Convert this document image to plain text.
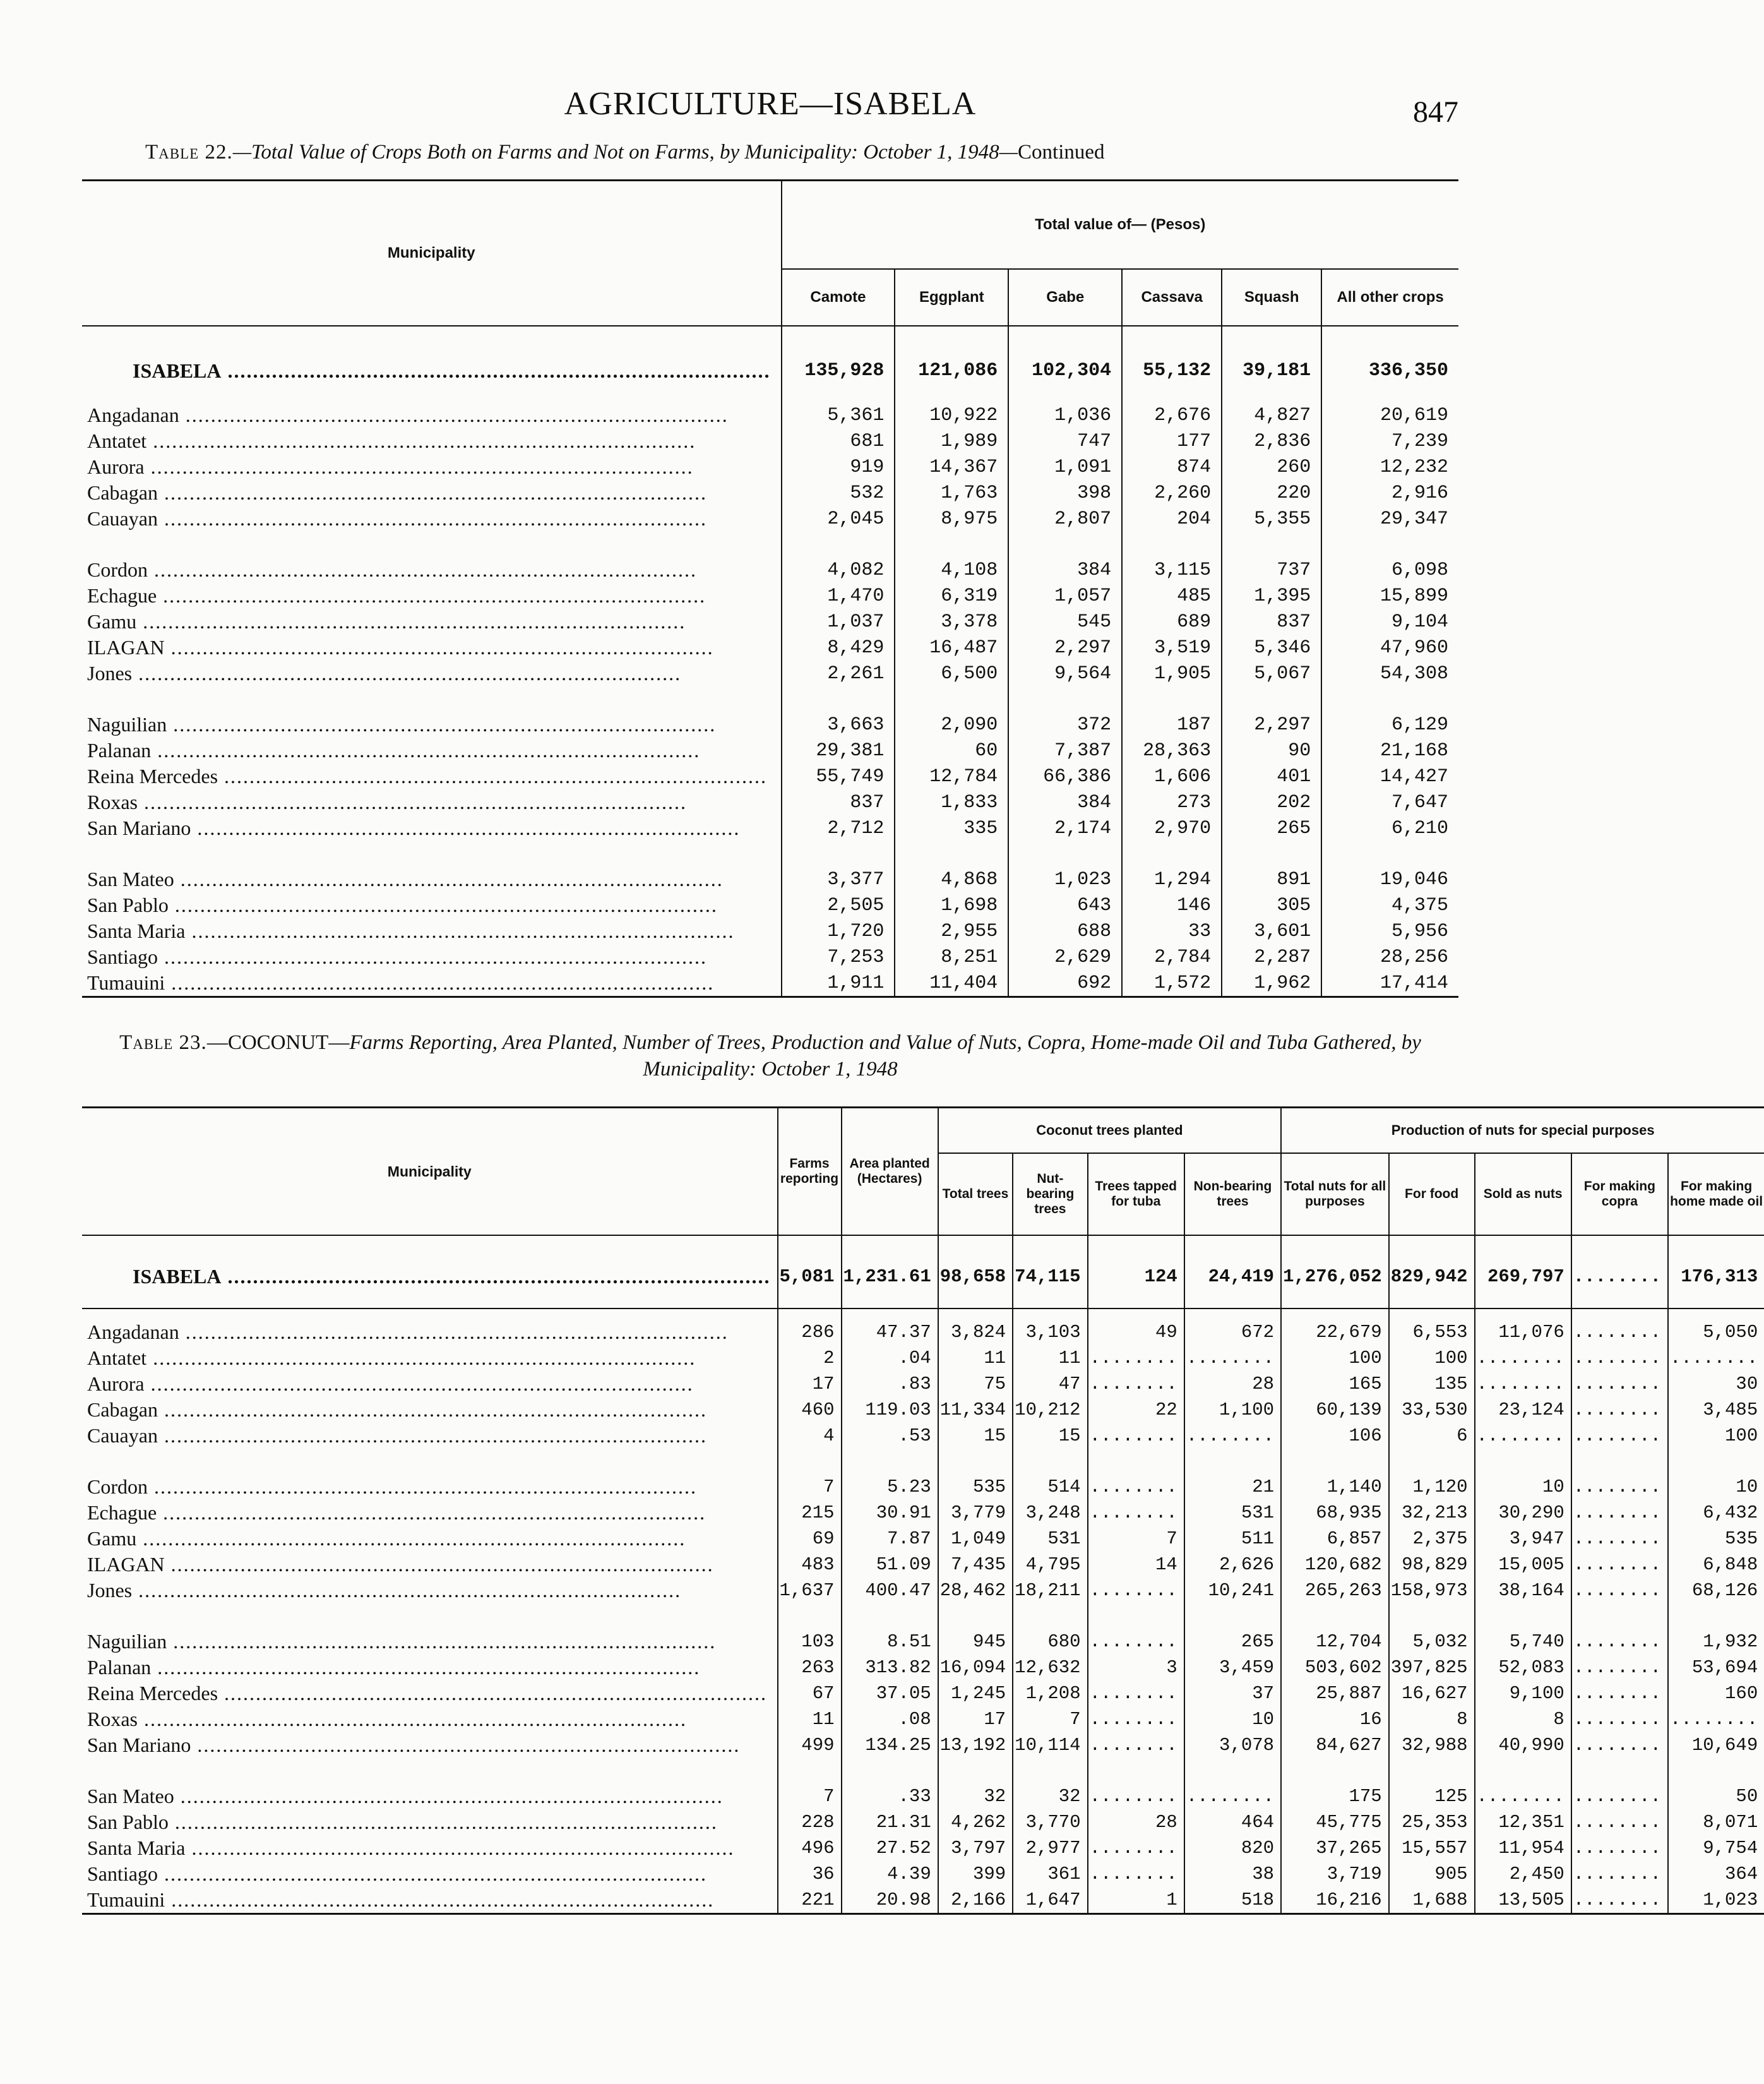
AGRICULTURE—ISABELA	847
Table 22.—Total Value of Crops Both on Farms and Not on Farms, by Municipality: October 1, 1948—Continued
Municipality	Total value of— (Pesos)					
	Camote	Eggplant	Gabe	Cassava	Squash	All other crops
ISABELA .....	135,928	121,086	102,304	55,132	39,181	336,350
Angadanan .....	5,361	10,922	1,036	2,676	4,827	20,619
Antatet .....	681	1,989	747	177	2,836	7,239
Aurora .....	919	14,367	1,091	874	260	12,232
Cabagan .....	532	1,763	398	2,260	220	2,916
Cauayan .....	2,045	8,975	2,807	204	5,355	29,347

Cordon .....	4,082	4,108	384	3,115	737	6,098
Echague .....	1,470	6,319	1,057	485	1,395	15,899
Gamu .....	1,037	3,378	545	689	837	9,104
ILAGAN .....	8,429	16,487	2,297	3,519	5,346	47,960
Jones .....	2,261	6,500	9,564	1,905	5,067	54,308

Naguilian .....	3,663	2,090	372	187	2,297	6,129
Palanan .....	29,381	60	7,387	28,363	90	21,168
Reina Mercedes .....	55,749	12,784	66,386	1,606	401	14,427
Roxas .....	837	1,833	384	273	202	7,647
San Mariano .....	2,712	335	2,174	2,970	265	6,210

San Mateo .....	3,377	4,868	1,023	1,294	891	19,046
San Pablo .....	2,505	1,698	643	146	305	4,375
Santa Maria .....	1,720	2,955	688	33	3,601	5,956
Santiago .....	7,253	8,251	2,629	2,784	2,287	28,256
Tumauini .....	1,911	11,404	692	1,572	1,962	17,414
Table 23.—COCONUT—Farms Reporting, Area Planted, Number of Trees, Production and Value of Nuts, Copra, Home-made Oil and Tuba Gathered, by Municipality: October 1, 1948
Municipality	Farms reporting	Area planted (Hectares)	Coconut trees planted				Production of nuts for special purposes				
			Total trees	Nut-bearing trees	Trees tapped for tuba	Non-bearing trees	Total nuts for all purposes	For food	Sold as nuts	For making copra	For making home made oil
ISABELA .....	5,081	1,231.61	98,658	74,115	124	24,419	1,276,052	829,942	269,797	........	176,313
Angadanan .....	286	47.37	3,824	3,103	49	672	22,679	6,553	11,076	........	5,050
Antatet .....	2	.04	11	11	........	........	100	100	........	........	........
Aurora .....	17	.83	75	47	........	28	165	135	........	........	30
Cabagan .....	460	119.03	11,334	10,212	22	1,100	60,139	33,530	23,124	........	3,485
Cauayan .....	4	.53	15	15	........	........	106	6	........	........	100

Cordon .....	7	5.23	535	514	........	21	1,140	1,120	10	........	10
Echague .....	215	30.91	3,779	3,248	........	531	68,935	32,213	30,290	........	6,432
Gamu .....	69	7.87	1,049	531	7	511	6,857	2,375	3,947	........	535
ILAGAN .....	483	51.09	7,435	4,795	14	2,626	120,682	98,829	15,005	........	6,848
Jones .....	1,637	400.47	28,462	18,211	........	10,241	265,263	158,973	38,164	........	68,126

Naguilian .....	103	8.51	945	680	........	265	12,704	5,032	5,740	........	1,932
Palanan .....	263	313.82	16,094	12,632	3	3,459	503,602	397,825	52,083	........	53,694
Reina Mercedes .....	67	37.05	1,245	1,208	........	37	25,887	16,627	9,100	........	160
Roxas .....	11	.08	17	7	........	10	16	8	8	........	........
San Mariano .....	499	134.25	13,192	10,114	........	3,078	84,627	32,988	40,990	........	10,649

San Mateo .....	7	.33	32	32	........	........	175	125	........	........	50
San Pablo .....	228	21.31	4,262	3,770	28	464	45,775	25,353	12,351	........	8,071
Santa Maria .....	496	27.52	3,797	2,977	........	820	37,265	15,557	11,954	........	9,754
Santiago .....	36	4.39	399	361	........	38	3,719	905	2,450	........	364
Tumauini .....	221	20.98	2,166	1,647	1	518	16,216	1,688	13,505	........	1,023
